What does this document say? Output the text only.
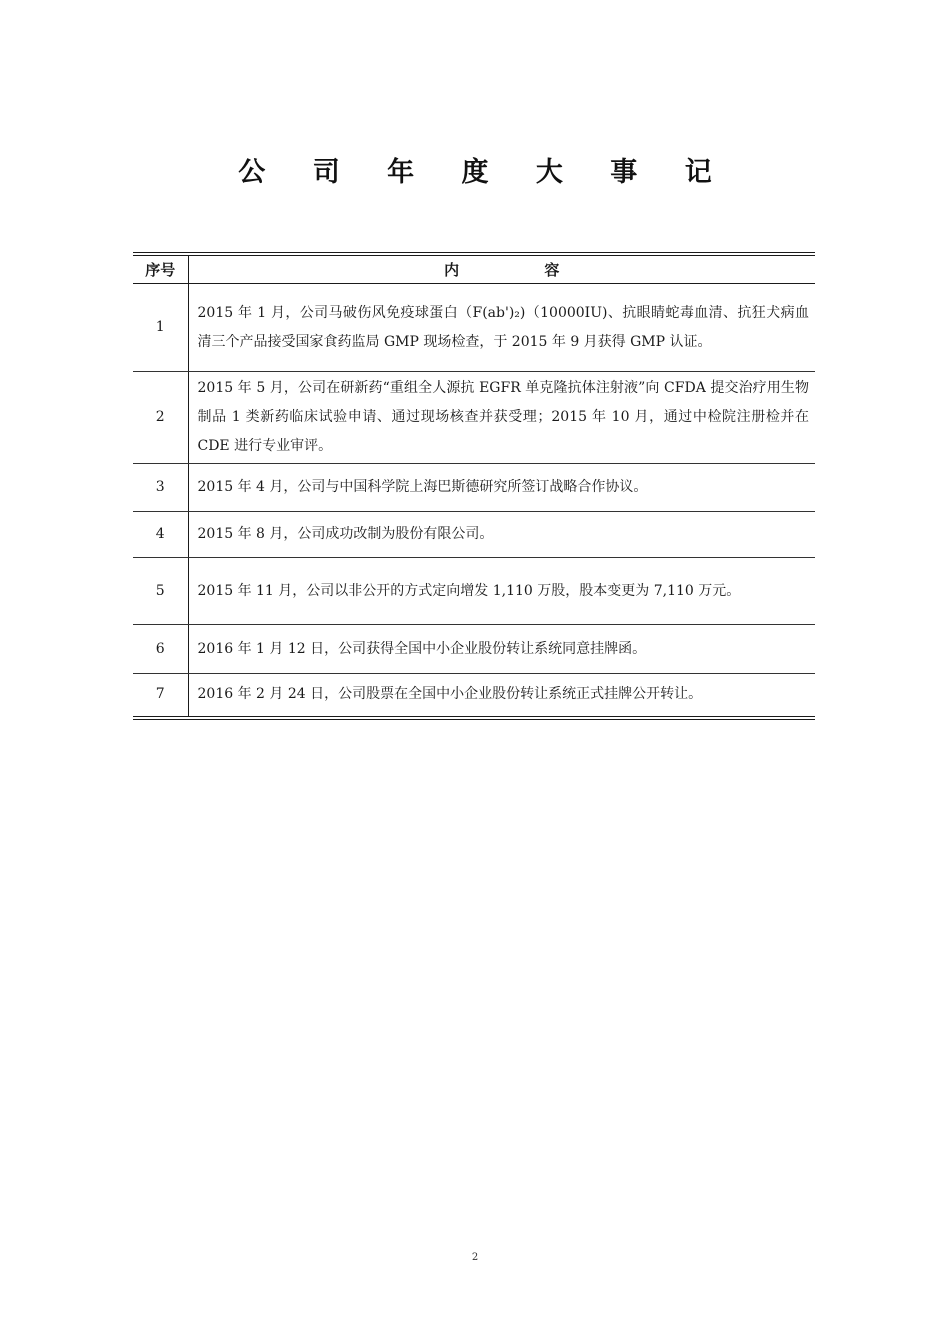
公 司 年 度 大 事 记
序号	内 容
1	2015 年 1 月，公司马破伤风免疫球蛋白（F(ab')₂)（10000IU)、抗眼睛蛇毒血清、抗狂犬病血清三个产品接受国家食药监局 GMP 现场检查，于 2015 年 9 月获得 GMP 认证。
2	2015 年 5 月，公司在研新药“重组全人源抗 EGFR 单克隆抗体注射液”向 CFDA 提交治疗用生物制品 1 类新药临床试验申请、通过现场核查并获受理；2015 年 10 月，通过中检院注册检并在 CDE 进行专业审评。
3	2015 年 4 月，公司与中国科学院上海巴斯德研究所签订战略合作协议。
4	2015 年 8 月，公司成功改制为股份有限公司。
5	2015 年 11 月，公司以非公开的方式定向增发 1,110 万股，股本变更为 7,110 万元。
6	2016 年 1 月 12 日，公司获得全国中小企业股份转让系统同意挂牌函。
7	2016 年 2 月 24 日，公司股票在全国中小企业股份转让系统正式挂牌公开转让。
2
